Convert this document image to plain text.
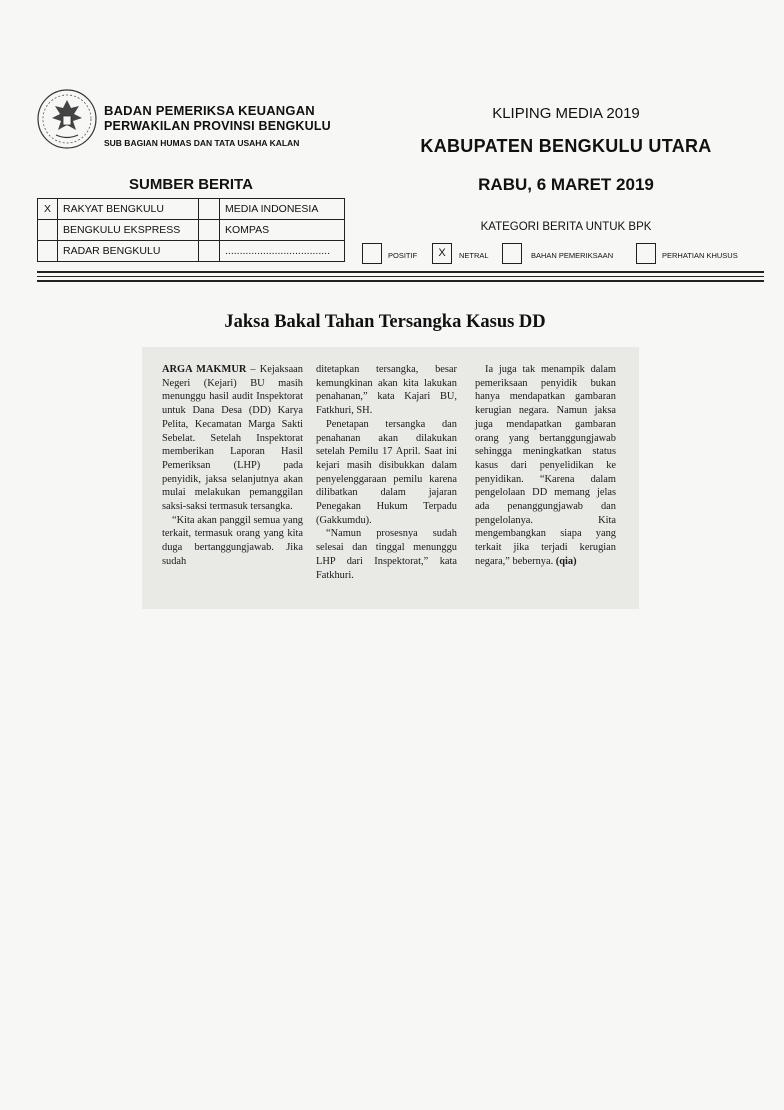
BADAN PEMERIKSA KEUANGAN
PERWAKILAN PROVINSI BENGKULU
SUB BAGIAN HUMAS DAN TATA USAHA KALAN
KLIPING MEDIA 2019
KABUPATEN BENGKULU UTARA
RABU, 6 MARET 2019
KATEGORI BERITA UNTUK BPK
SUMBER BERITA
X	RAKYAT BENGKULU		MEDIA INDONESIA
	BENGKULU EKSPRESS		KOMPAS
	RADAR BENGKULU		....................................	POSITIF	X	NETRAL	BAHAN PEMERIKSAAN	PERHATIAN KHUSUS
Jaksa Bakal Tahan Tersangka Kasus DD

ARGA MAKMUR – Kejaksaan Negeri (Kejari) BU masih menunggu hasil audit Inspektorat untuk Dana Desa (DD) Karya Pelita, Kecamatan Marga Sakti Sebelat. Setelah Inspektorat memberikan Laporan Hasil Pemeriksan (LHP) pada penyidik, jaksa selanjutnya akan mulai melakukan pemanggilan saksi-saksi termasuk tersangka.

“Kita akan panggil semua yang terkait, termasuk orang yang kita duga bertanggungjawab. Jika sudah

ditetapkan tersangka, besar kemungkinan akan kita lakukan penahanan,” kata Kajari BU, Fatkhuri, SH.

Penetapan tersangka dan penahanan akan dilakukan setelah Pemilu 17 April. Saat ini kejari masih disibukkan dalam penyelenggaraan pemilu karena dilibatkan dalam jajaran Penegakan Hukum Terpadu (Gakkumdu).

“Namun prosesnya sudah selesai dan tinggal menunggu LHP dari Inspektorat,” kata Fatkhuri.

Ia juga tak menampik dalam pemeriksaan penyidik bukan hanya mendapatkan gambaran kerugian negara. Namun jaksa juga mendapatkan gambaran orang yang bertanggungjawab sehingga meningkatkan status kasus dari penyelidikan ke penyidikan. “Karena dalam pengelolaan DD memang jelas ada penanggungjawab dan pengelolanya. Kita mengembangkan siapa yang terkait jika terjadi kerugian negara,” bebernya. (qia)
